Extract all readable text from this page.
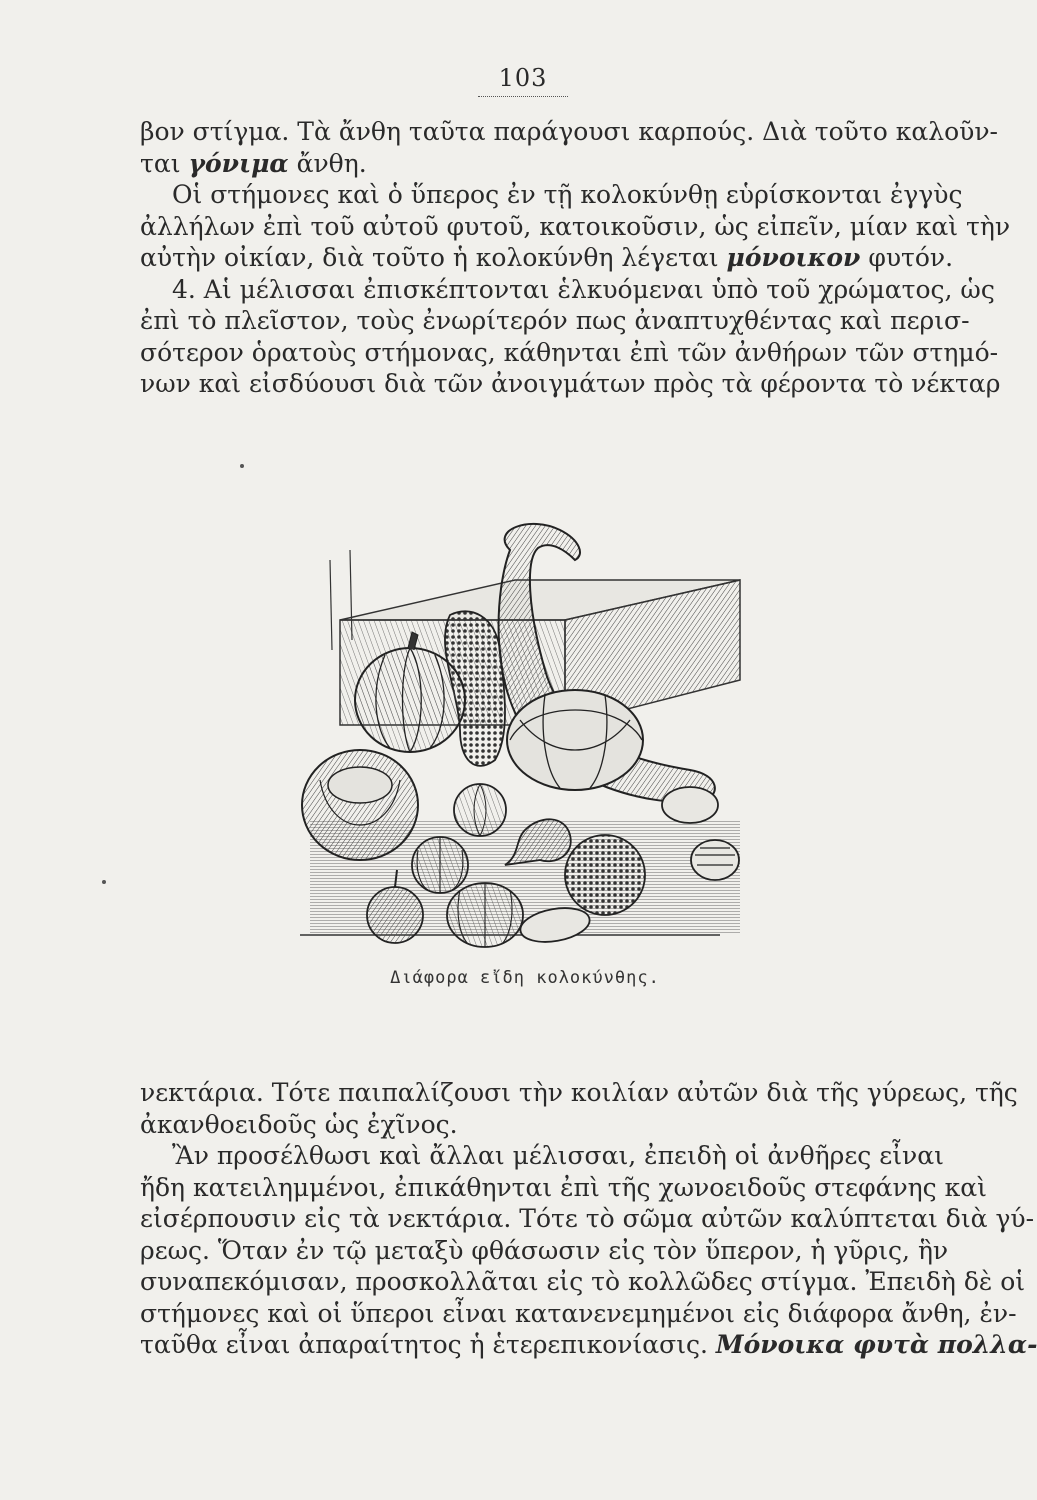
103

βον στίγμα. Τὰ ἄνθη ταῦτα παράγουσι καρπούς. Διὰ τοῦτο καλοῦν-
ται γόνιμα ἄνθη.

Οἱ στήμονες καὶ ὁ ὕπερος ἐν τῇ κολοκύνθῃ εὑρίσκονται ἐγγὺς
ἀλλήλων ἐπὶ τοῦ αὐτοῦ φυτοῦ, κατοικοῦσιν, ὡς εἰπεῖν, μίαν καὶ τὴν
αὐτὴν οἰκίαν, διὰ τοῦτο ἡ κολοκύνθη λέγεται μόνοικον φυτόν.

4. Αἱ μέλισσαι ἐπισκέπτονται ἑλκυόμεναι ὑπὸ τοῦ χρώματος, ὡς
ἐπὶ τὸ πλεῖστον, τοὺς ἐνωρίτερόν πως ἀναπτυχθέντας καὶ περισ-
σότερον ὁρατοὺς στήμονας, κάθηνται ἐπὶ τῶν ἀνθήρων τῶν στημό-
νων καὶ εἰσδύουσι διὰ τῶν ἀνοιγμάτων πρὸς τὰ φέροντα τὸ νέκταρ

Διάφορα εἴδη κολοκύνθης.

νεκτάρια. Τότε παιπαλίζουσι τὴν κοιλίαν αὐτῶν διὰ τῆς γύρεως, τῆς
ἀκανθοειδοῦς ὡς ἐχῖνος.

Ἂν προσέλθωσι καὶ ἄλλαι μέλισσαι, ἐπειδὴ οἱ ἀνθῆρες εἶναι
ἤδη κατειλημμένοι, ἐπικάθηνται ἐπὶ τῆς χωνοειδοῦς στεφάνης καὶ
εἰσέρπουσιν εἰς τὰ νεκτάρια. Τότε τὸ σῶμα αὐτῶν καλύπτεται διὰ γύ-
ρεως. Ὅταν ἐν τῷ μεταξὺ φθάσωσιν εἰς τὸν ὕπερον, ἡ γῦρις, ἣν
συναπεκόμισαν, προσκολλᾶται εἰς τὸ κολλῶδες στίγμα. Ἐπειδὴ δὲ οἱ
στήμονες καὶ οἱ ὕπεροι εἶναι κατανενεμημένοι εἰς διάφορα ἄνθη, ἐν-
ταῦθα εἶναι ἀπαραίτητος ἡ ἑτερεπικονίασις. Μόνοικα φυτὰ πολλα-
